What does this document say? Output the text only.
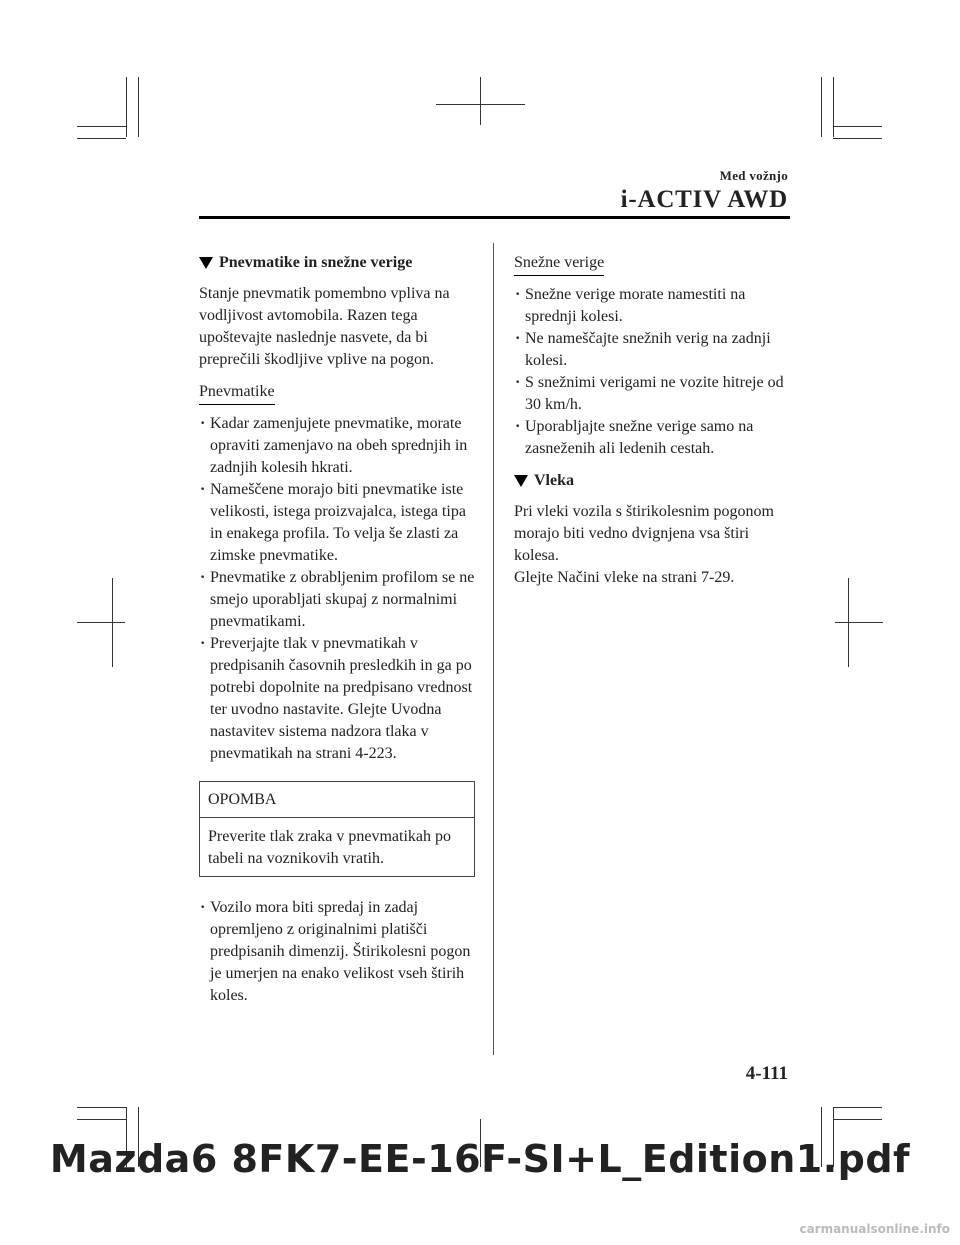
Med vožnjo
i-ACTIV AWD
Pnevmatike in snežne verige

Stanje pnevmatik pomembno vpliva na vodljivost avtomobila. Razen tega upoštevajte naslednje nasvete, da bi preprečili škodljive vplive na pogon.

Pnevmatike
· Kadar zamenjujete pnevmatike, morate opraviti zamenjavo na obeh sprednjih in zadnjih kolesih hkrati.
· Nameščene morajo biti pnevmatike iste velikosti, istega proizvajalca, istega tipa in enakega profila. To velja še zlasti za zimske pnevmatike.
· Pnevmatike z obrabljenim profilom se ne smejo uporabljati skupaj z normalnimi pnevmatikami.
· Preverjajte tlak v pnevmatikah v predpisanih časovnih presledkih in ga po potrebi dopolnite na predpisano vrednost ter uvodno nastavite. Glejte Uvodna nastavitev sistema nadzora tlaka v pnevmatikah na strani 4-223.
OPOMBA
Preverite tlak zraka v pnevmatikah po tabeli na voznikovih vratih.
· Vozilo mora biti spredaj in zadaj opremljeno z originalnimi platišči predpisanih dimenzij. Štirikolesni pogon je umerjen na enako velikost vseh štirih koles.
Snežne verige
· Snežne verige morate namestiti na sprednji kolesi.
· Ne nameščajte snežnih verig na zadnji kolesi.
· S snežnimi verigami ne vozite hitreje od 30 km/h.
· Uporabljajte snežne verige samo na zasneženih ali ledenih cestah.
Vleka

Pri vleki vozila s štirikolesnim pogonom morajo biti vedno dvignjena vsa štiri kolesa.

Glejte Načini vleke na strani 7-29.

4-111
Mazda6 8FK7-EE-16F-SI+L_Edition1.pdf
carmanualsonline.info
